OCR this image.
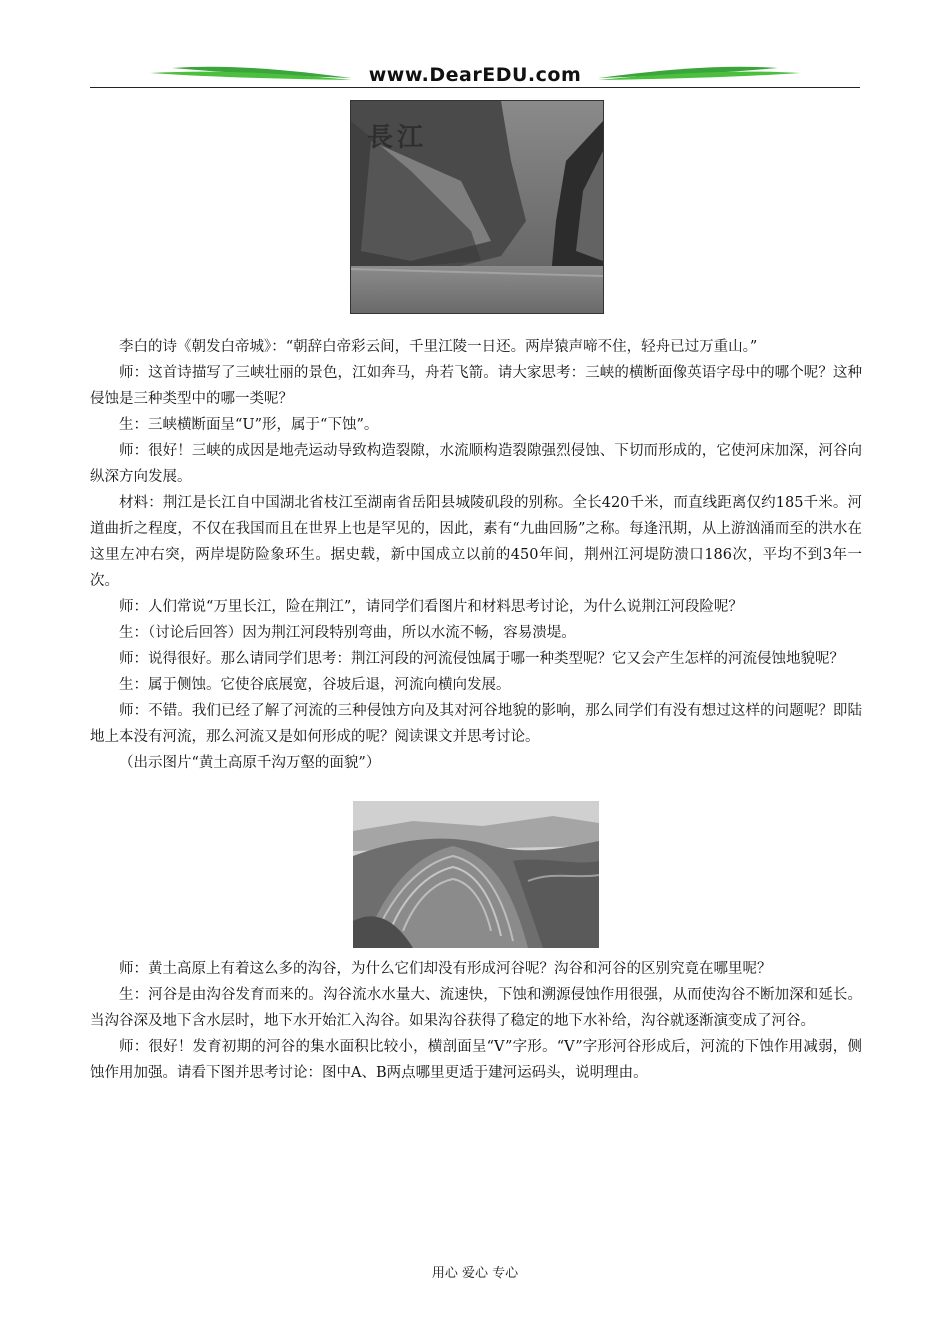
www.DearEDU.com
長江

李白的诗《朝发白帝城》：“朝辞白帝彩云间，千里江陵一日还。两岸猿声啼不住，轻舟已过万重山。”

师：这首诗描写了三峡壮丽的景色，江如奔马，舟若飞箭。请大家思考：三峡的横断面像英语字母中的哪个呢？这种侵蚀是三种类型中的哪一类呢？

生：三峡横断面呈“U”形，属于“下蚀”。

师：很好！三峡的成因是地壳运动导致构造裂隙，水流顺构造裂隙强烈侵蚀、下切而形成的，它使河床加深，河谷向纵深方向发展。

材料：荆江是长江自中国湖北省枝江至湖南省岳阳县城陵矶段的别称。全长420千米，而直线距离仅约185千米。河道曲折之程度，不仅在我国而且在世界上也是罕见的，因此，素有“九曲回肠”之称。每逢汛期，从上游汹涌而至的洪水在这里左冲右突，两岸堤防险象环生。据史载，新中国成立以前的450年间，荆州江河堤防溃口186次，平均不到3年一次。

师：人们常说“万里长江，险在荆江”，请同学们看图片和材料思考讨论，为什么说荆江河段险呢？

生：（讨论后回答）因为荆江河段特别弯曲，所以水流不畅，容易溃堤。

师：说得很好。那么请同学们思考：荆江河段的河流侵蚀属于哪一种类型呢？它又会产生怎样的河流侵蚀地貌呢？

生：属于侧蚀。它使谷底展宽，谷坡后退，河流向横向发展。

师：不错。我们已经了解了河流的三种侵蚀方向及其对河谷地貌的影响，那么同学们有没有想过这样的问题呢？即陆地上本没有河流，那么河流又是如何形成的呢？阅读课文并思考讨论。

（出示图片“黄土高原千沟万壑的面貌”）

师：黄土高原上有着这么多的沟谷，为什么它们却没有形成河谷呢？沟谷和河谷的区别究竟在哪里呢？

生：河谷是由沟谷发育而来的。沟谷流水水量大、流速快，下蚀和溯源侵蚀作用很强，从而使沟谷不断加深和延长。当沟谷深及地下含水层时，地下水开始汇入沟谷。如果沟谷获得了稳定的地下水补给，沟谷就逐渐演变成了河谷。

师：很好！发育初期的河谷的集水面积比较小，横剖面呈“V”字形。“V”字形河谷形成后，河流的下蚀作用减弱，侧蚀作用加强。请看下图并思考讨论：图中A、B两点哪里更适于建河运码头，说明理由。

用心 爱心 专心
